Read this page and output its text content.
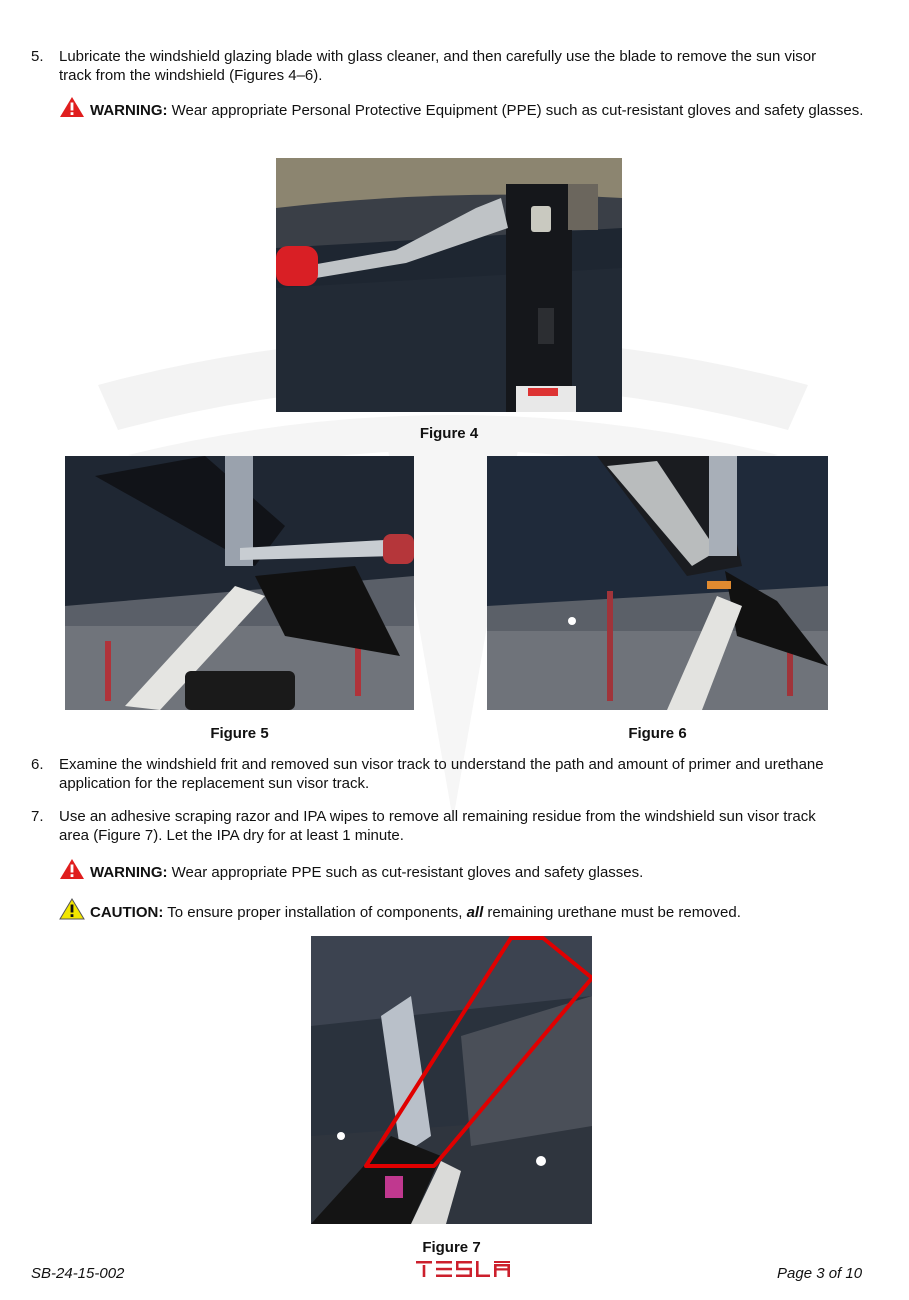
5. Lubricate the windshield glazing blade with glass cleaner, and then carefully use the blade to remove the sun visor track from the windshield (Figures 4–6).
WARNING: Wear appropriate Personal Protective Equipment (PPE) such as cut-resistant gloves and safety glasses.
Figure 4
Figure 5	Figure 6
6. Examine the windshield frit and removed sun visor track to understand the path and amount of primer and urethane application for the replacement sun visor track.
7. Use an adhesive scraping razor and IPA wipes to remove all remaining residue from the windshield sun visor track area (Figure 7). Let the IPA dry for at least 1 minute.
WARNING: Wear appropriate PPE such as cut-resistant gloves and safety glasses.
CAUTION: To ensure proper installation of components, all remaining urethane must be removed.
Figure 7
SB-24-15-002	Page 3 of 10
